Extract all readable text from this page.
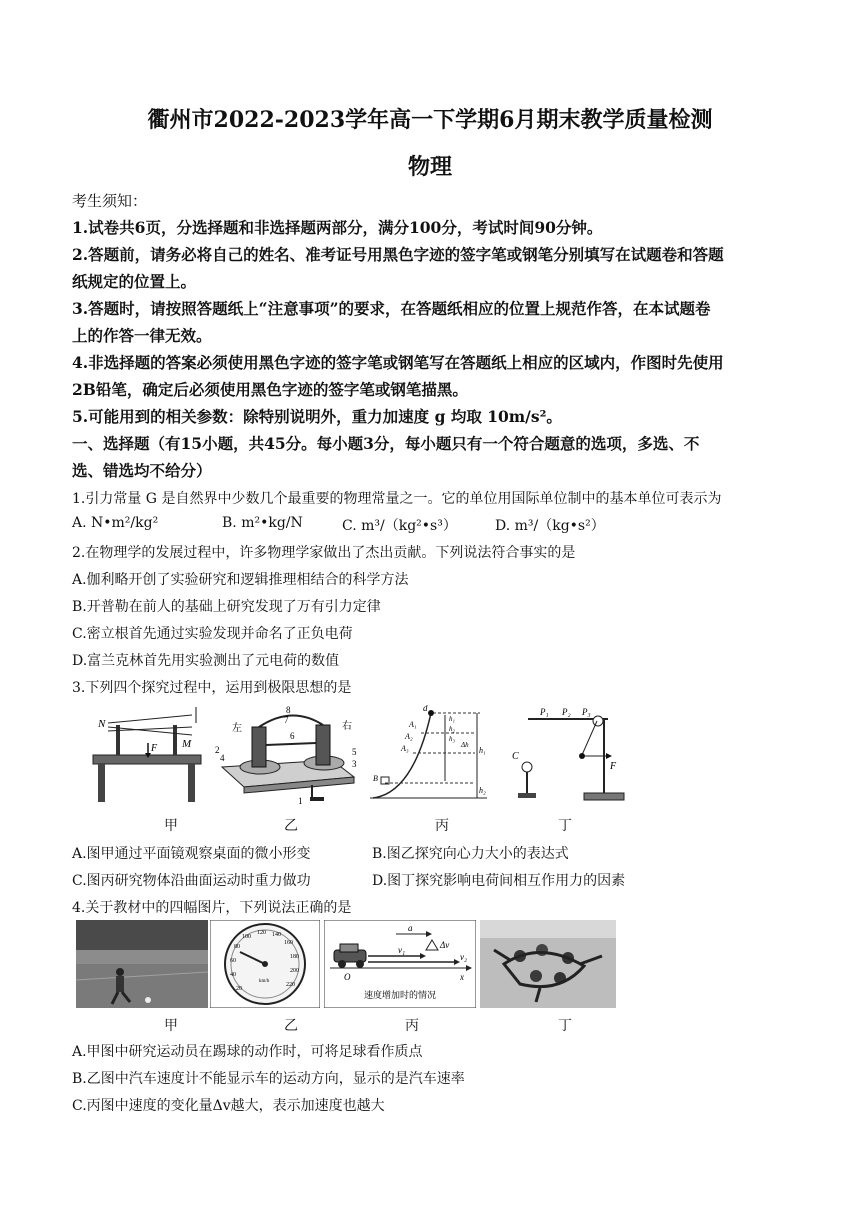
衢州市2022-2023学年高一下学期6月期末教学质量检测
物理
考生须知：
1.试卷共6页，分选择题和非选择题两部分，满分100分，考试时间90分钟。
2.答题前，请务必将自己的姓名、准考证号用黑色字迹的签字笔或钢笔分别填写在试题卷和答题
纸规定的位置上。
3.答题时，请按照答题纸上“注意事项”的要求，在答题纸相应的位置上规范作答，在本试题卷
上的作答一律无效。
4.非选择题的答案必须使用黑色字迹的签字笔或钢笔写在答题纸上相应的区域内，作图时先使用
2B铅笔，确定后必须使用黑色字迹的签字笔或钢笔描黑。
5.可能用到的相关参数：除特别说明外，重力加速度 g 均取 10m/s²。
一、选择题（有15小题，共45分。每小题3分，每小题只有一个符合题意的选项，多选、不
选、错选均不给分）
1.引力常量 G 是自然界中少数几个最重要的物理常量之一。它的单位用国际单位制中的基本单位可表示为
A. N•m²/kg²	B. m²•kg/N	C. m³/（kg²•s³）	D. m³/（kg•s²）
2.在物理学的发展过程中，许多物理学家做出了杰出贡献。下列说法符合事实的是
A.伽利略开创了实验研究和逻辑推理相结合的科学方法
B.开普勒在前人的基础上研究发现了万有引力定律
C.密立根首先通过实验发现并命名了正负电荷
D.富兰克林首先用实验测出了元电荷的数值
3.下列四个探究过程中，运用到极限思想的是
N
F M
左	右
1
2
3
4
5
6
7
8	d
A₁
A₂
A₃
B
h₁
h₂
h₃
Δh
h₁
h₂
P₁ P₂ P₃
C
F
甲	乙	丙	丁
A.图甲通过平面镜观察桌面的微小形变	B.图乙探究向心力大小的表达式
C.图丙研究物体沿曲面运动时重力做功	D.图丁探究影响电荷间相互作用力的因素
4.关于教材中的四幅图片，下列说法正确的是
20
40
60
80
100
120 140
160
180
200
220
km/h
a
Δv
v₁
v₂
O	x
速度增加时的情况
甲	乙	丙	丁
A.甲图中研究运动员在踢球的动作时，可将足球看作质点
B.乙图中汽车速度计不能显示车的运动方向，显示的是汽车速率
C.丙图中速度的变化量Δv越大，表示加速度也越大
